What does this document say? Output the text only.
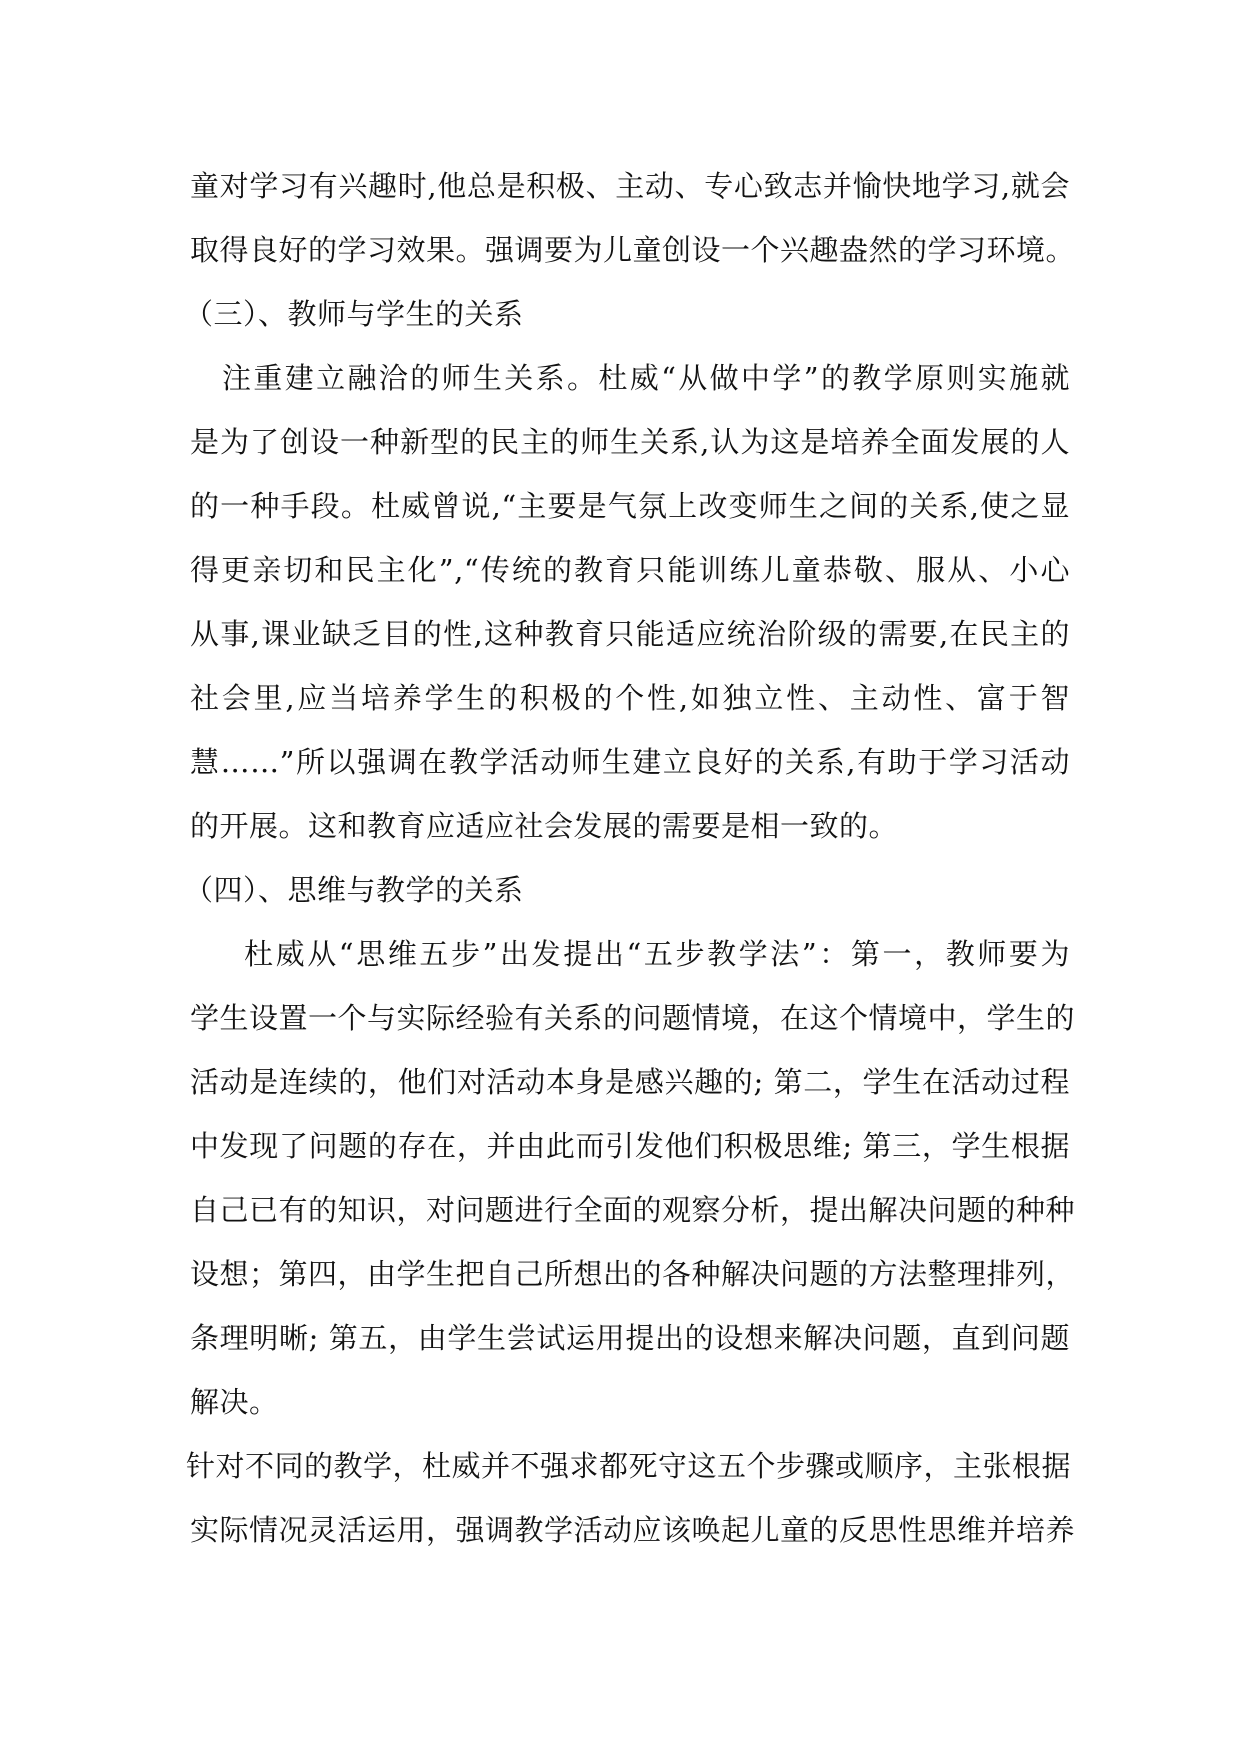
童对学习有兴趣时,他总是积极、主动、专心致志并愉快地学习,就会
取得良好的学习效果。强调要为儿童创设一个兴趣盎然的学习环境。
（三）、教师与学生的关系
注重建立融洽的师生关系。杜威“从做中学”的教学原则实施就
是为了创设一种新型的民主的师生关系,认为这是培养全面发展的人
的一种手段。杜威曾说,“主要是气氛上改变师生之间的关系,使之显
得更亲切和民主化”,“传统的教育只能训练儿童恭敬、服从、小心
从事,课业缺乏目的性,这种教育只能适应统治阶级的需要,在民主的
社会里,应当培养学生的积极的个性,如独立性、主动性、富于智
慧……”所以强调在教学活动师生建立良好的关系,有助于学习活动
的开展。这和教育应适应社会发展的需要是相一致的。
（四）、思维与教学的关系
杜威从“思维五步”出发提出“五步教学法”：第一，教师要为
学生设置一个与实际经验有关系的问题情境，在这个情境中，学生的
活动是连续的，他们对活动本身是感兴趣的; 第二，学生在活动过程
中发现了问题的存在，并由此而引发他们积极思维; 第三，学生根据
自己已有的知识，对问题进行全面的观察分析，提出解决问题的种种
设想；第四，由学生把自己所想出的各种解决问题的方法整理排列，
条理明晰; 第五，由学生尝试运用提出的设想来解决问题，直到问题
解决。
针对不同的教学，杜威并不强求都死守这五个步骤或顺序，主张根据
实际情况灵活运用，强调教学活动应该唤起儿童的反思性思维并培养
